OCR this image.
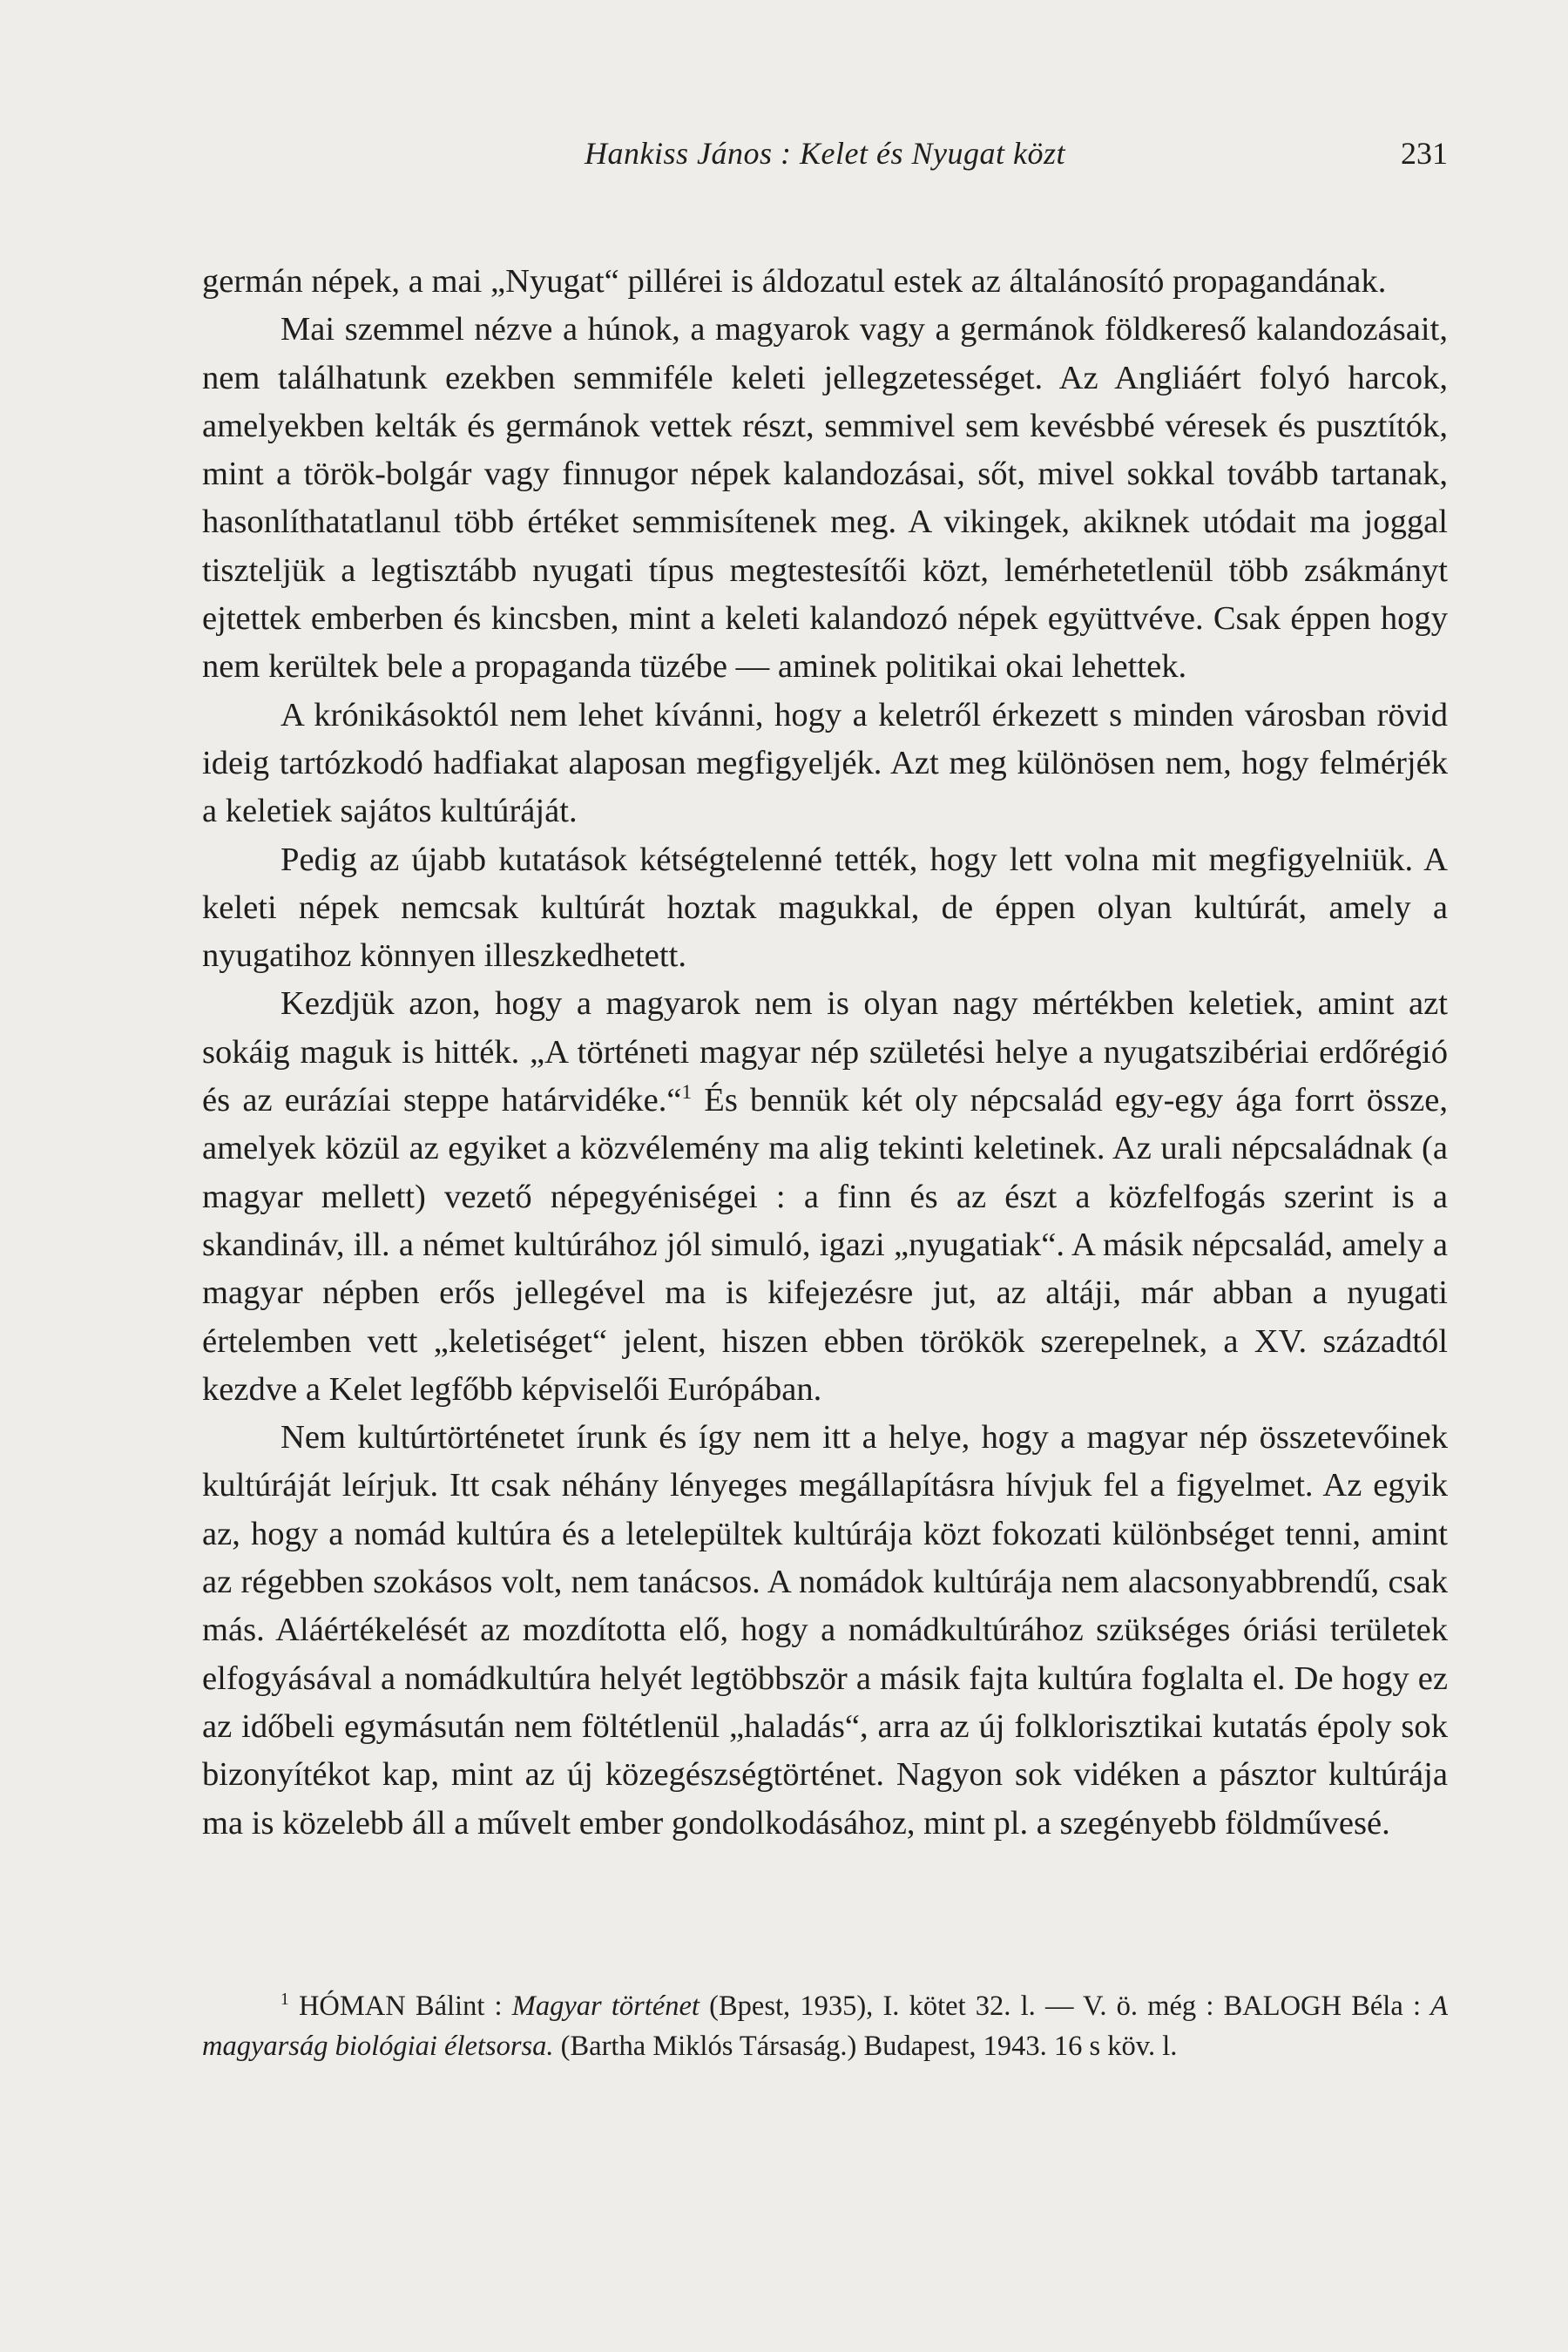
Hankiss János : Kelet és Nyugat közt	231

germán népek, a mai „Nyugat“ pillérei is áldozatul estek az általánosító propagandának.

Mai szemmel nézve a húnok, a magyarok vagy a germánok földkereső kalandozásait, nem találhatunk ezekben semmiféle keleti jellegzetességet. Az Angliáért folyó harcok, amelyekben kelták és germánok vettek részt, semmivel sem kevésbbé véresek és pusztítók, mint a török-bolgár vagy finnugor népek kalandozásai, sőt, mivel sokkal tovább tartanak, hasonlíthatatlanul több értéket semmisítenek meg. A vikingek, akiknek utódait ma joggal tiszteljük a legtisztább nyugati típus megtestesítői közt, lemérhetetlenül több zsákmányt ejtettek emberben és kincsben, mint a keleti kalandozó népek együttvéve. Csak éppen hogy nem kerültek bele a propaganda tüzébe — aminek politikai okai lehettek.

A krónikásoktól nem lehet kívánni, hogy a keletről érkezett s minden városban rövid ideig tartózkodó hadfiakat alaposan megfigyeljék. Azt meg különösen nem, hogy felmérjék a keletiek sajátos kultúráját.

Pedig az újabb kutatások kétségtelenné tették, hogy lett volna mit megfigyelniük. A keleti népek nemcsak kultúrát hoztak magukkal, de éppen olyan kultúrát, amely a nyugatihoz könnyen illeszkedhetett.

Kezdjük azon, hogy a magyarok nem is olyan nagy mértékben keletiek, amint azt sokáig maguk is hitték. „A történeti magyar nép születési helye a nyugatszibériai erdőrégió és az eurázíai steppe határvidéke.“$^1$ És bennük két oly népcsalád egy-egy ága forrt össze, amelyek közül az egyiket a közvélemény ma alig tekinti keletinek. Az urali népcsaládnak (a magyar mellett) vezető népegyéniségei : a finn és az észt a közfelfogás szerint is a skandináv, ill. a német kultúrához jól simuló, igazi „nyugatiak“. A másik népcsalád, amely a magyar népben erős jellegével ma is kifejezésre jut, az altáji, már abban a nyugati értelemben vett „keletiséget“ jelent, hiszen ebben törökök szerepelnek, a XV. századtól kezdve a Kelet legfőbb képviselői Európában.

Nem kultúrtörténetet írunk és így nem itt a helye, hogy a magyar nép összetevőinek kultúráját leírjuk. Itt csak néhány lényeges megállapításra hívjuk fel a figyelmet. Az egyik az, hogy a nomád kultúra és a letelepültek kultúrája közt fokozati különbséget tenni, amint az régebben szokásos volt, nem tanácsos. A nomádok kultúrája nem alacsonyabbrendű, csak más. Aláértékelését az mozdította elő, hogy a nomádkultúrához szükséges óriási területek elfogyásával a nomádkultúra helyét legtöbbször a másik fajta kultúra foglalta el. De hogy ez az időbeli egymásután nem föltétlenül „haladás“, arra az új folklorisztikai kutatás époly sok bizonyítékot kap, mint az új közegészségtörténet. Nagyon sok vidéken a pásztor kultúrája ma is közelebb áll a művelt ember gondolkodásához, mint pl. a szegényebb földművesé.

$^1$ HÓMAN Bálint : Magyar történet (Bpest, 1935), I. kötet 32. l. — V. ö. még : BALOGH Béla : A magyarság biológiai életsorsa. (Bartha Miklós Társaság.) Budapest, 1943. 16 s köv. l.
